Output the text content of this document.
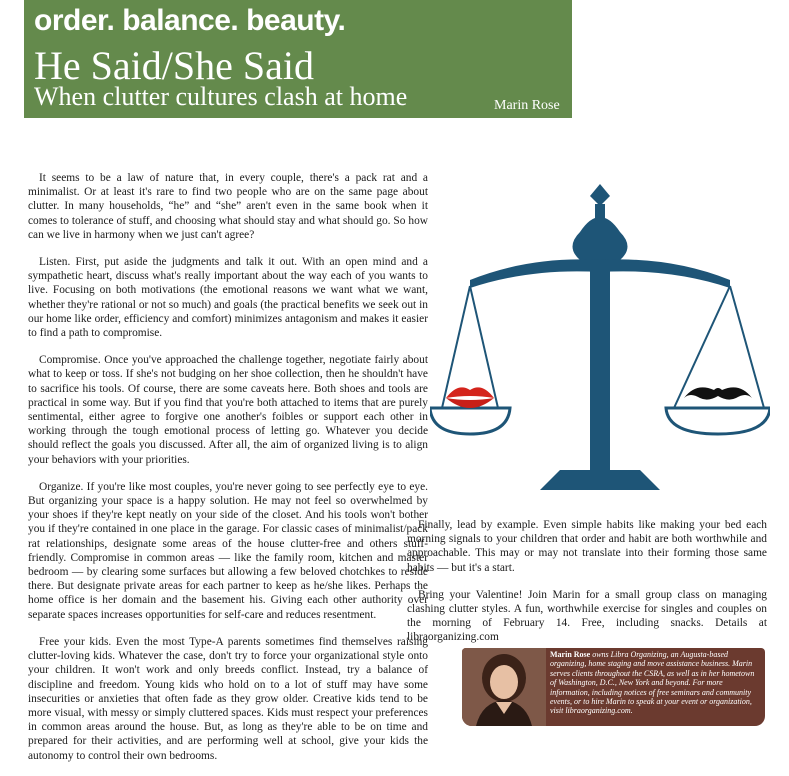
order. balance. beauty.
He Said/She Said
When clutter cultures clash at home	Marin Rose

It seems to be a law of nature that, in every couple, there's a pack rat and a minimalist. Or at least it's rare to find two people who are on the same page about clutter. In many households, “he” and “she” aren't even in the same book when it comes to tolerance of stuff, and choosing what should stay and what should go. So how can we live in harmony when we just can't agree?

Listen. First, put aside the judgments and talk it out. With an open mind and a sympathetic heart, discuss what's really important about the way each of you wants to live. Focusing on both motivations (the emotional reasons we want what we want, whether they're rational or not so much) and goals (the practical benefits we seek out in our home like order, efficiency and comfort) minimizes antagonism and makes it easier to find a path to compromise.

Compromise. Once you've approached the challenge together, negotiate fairly about what to keep or toss. If she's not budging on her shoe collection, then he shouldn't have to sacrifice his tools. Of course, there are some caveats here. Both shoes and tools are practical in some way. But if you find that you're both attached to items that are purely sentimental, either agree to forgive one another's foibles or support each other in working through the tough emotional process of letting go. Whatever you decide should reflect the goals you discussed. After all, the aim of organized living is to align your behaviors with your priorities.

Organize. If you're like most couples, you're never going to see perfectly eye to eye. But organizing your space is a happy solution. He may not feel so overwhelmed by your shoes if they're kept neatly on your side of the closet. And his tools won't bother you if they're contained in one place in the garage. For classic cases of minimalist/pack rat relationships, designate some areas of the house clutter-free and others stuff-friendly. Compromise in common areas — like the family room, kitchen and master bedroom — by clearing some surfaces but allowing a few beloved chotchkes to reside there. But designate private areas for each partner to keep as he/she likes. Perhaps the home office is her domain and the basement his. Giving each other authority over separate spaces increases opportunities for self-care and reduces resentment.

Free your kids. Even the most Type-A parents sometimes find themselves raising clutter-loving kids. Whatever the case, don't try to force your organizational style onto your children. It won't work and only breeds conflict. Instead, try a balance of discipline and freedom. Young kids who hold on to a lot of stuff may have some insecurities or anxieties that often fade as they grow older. Creative kids tend to be more visual, with messy or simply cluttered spaces. Kids must respect your preferences in common areas around the house. But, as long as they're able to be on time and prepared for their activities, and are performing well at school, give your kids the autonomy to control their own bedrooms.

Finally, lead by example. Even simple habits like making your bed each morning signals to your children that order and habit are both worthwhile and approachable. This may or may not translate into their forming those same habits — but it's a start.

Bring your Valentine! Join Marin for a small group class on managing clashing clutter styles. A fun, worthwhile exercise for singles and couples on the morning of February 14. Free, including snacks. Details at libraorganizing.com

Marin Rose owns Libra Organizing, an Augusta-based organizing, home staging and move assistance business. Marin serves clients throughout the CSRA, as well as in her hometown of Washington, D.C., New York and beyond. For more information, including notices of free seminars and community events, or to hire Marin to speak at your event or organization, visit libraorganizing.com.
